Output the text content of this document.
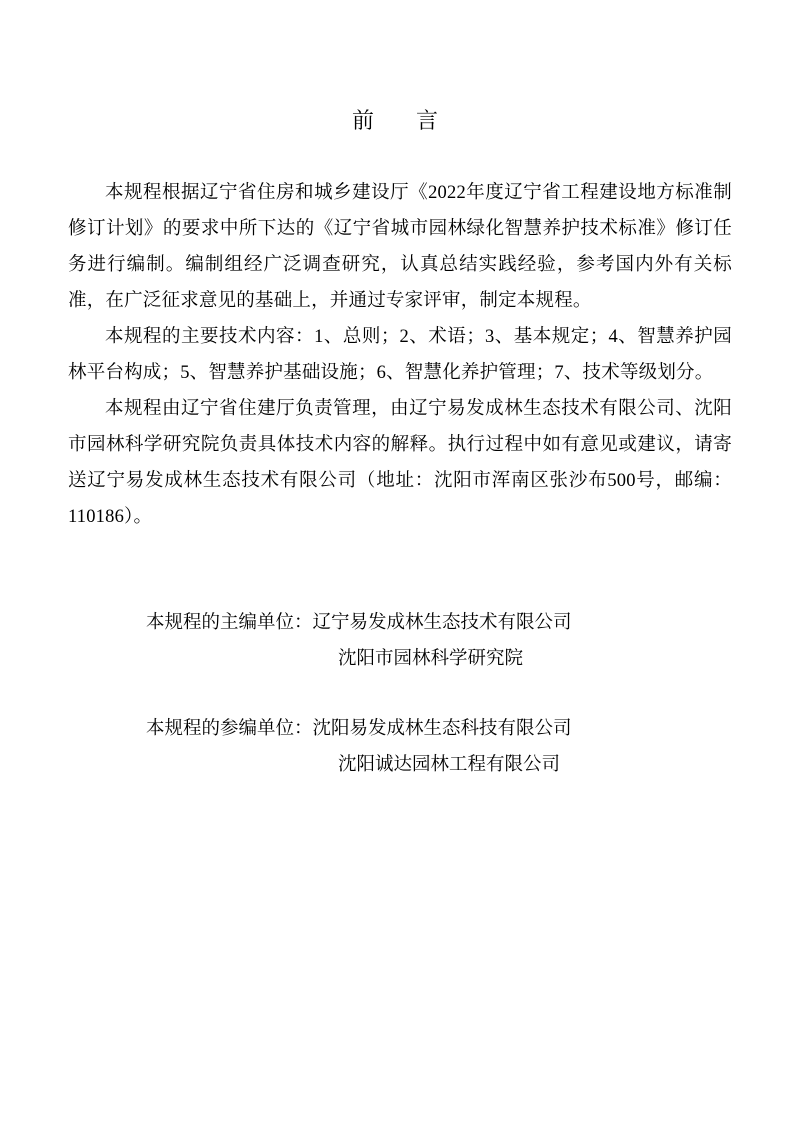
前　言

本规程根据辽宁省住房和城乡建设厅《2022年度辽宁省工程建设地方标准制修订计划》的要求中所下达的《辽宁省城市园林绿化智慧养护技术标准》修订任务进行编制。编制组经广泛调查研究，认真总结实践经验，参考国内外有关标准，在广泛征求意见的基础上，并通过专家评审，制定本规程。

本规程的主要技术内容：1、总则；2、术语；3、基本规定；4、智慧养护园林平台构成；5、智慧养护基础设施；6、智慧化养护管理；7、技术等级划分。

本规程由辽宁省住建厅负责管理，由辽宁易发成林生态技术有限公司、沈阳市园林科学研究院负责具体技术内容的解释。执行过程中如有意见或建议，请寄送辽宁易发成林生态技术有限公司（地址：沈阳市浑南区张沙布500号，邮编：110186）。

本规程的主编单位：辽宁易发成林生态技术有限公司
沈阳市园林科学研究院
本规程的参编单位：沈阳易发成林生态科技有限公司
沈阳诚达园林工程有限公司
